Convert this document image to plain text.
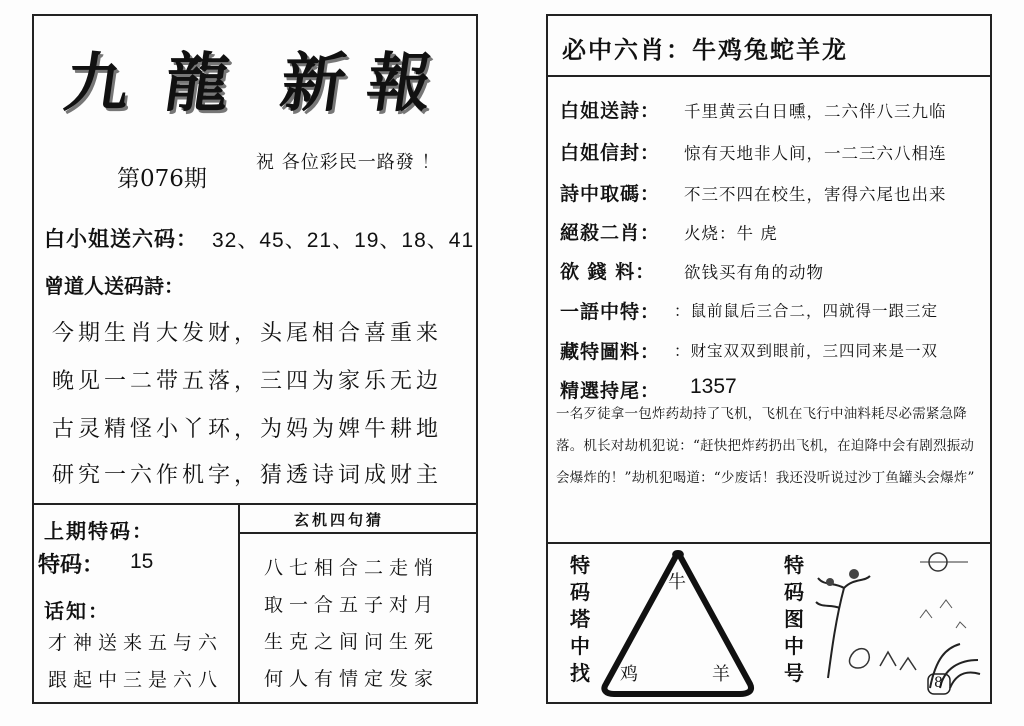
九 龍 新 報
第076期
祝 各位彩民一路發 ！
白小姐送六码： 32、45、21、19、18、41
曾道人送码詩：
今期生肖大发财，头尾相合喜重来
晚见一二带五落，三四为家乐无边
古灵精怪小丫环，为妈为婢牛耕地
研究一六作机字，猜透诗词成财主
上期特码：
特码： 15
话知：
才神送来五与六
跟起中三是六八
玄机四句猜
八七相合二走悄
取一合五子对月
生克之间问生死
何人有情定发家
必中六肖：牛鸡兔蛇羊龙
白姐送詩： 千里黄云白日曛，二六伴八三九临
白姐信封： 惊有天地非人间，一二三六八相连
詩中取碼： 不三不四在校生，害得六尾也出来
絕殺二肖： 火烧：牛 虎
欲 錢 料： 欲钱买有角的动物
一語中特： ：鼠前鼠后三合二，四就得一跟三定
藏特圖料： ：财宝双双到眼前，三四同来是一双
精選持尾： 1357
一名歹徒拿一包炸药劫持了飞机，飞机在飞行中油料耗尽必需紧急降落。机长对劫机犯说：“赶快把炸药扔出飞机，在迫降中会有剧烈振动会爆炸的！”劫机犯喝道：“少废话！我还没听说过沙丁鱼罐头会爆炸”
特
码
塔
中
找
牛
鸡	羊
特
码
图
中
号	8
